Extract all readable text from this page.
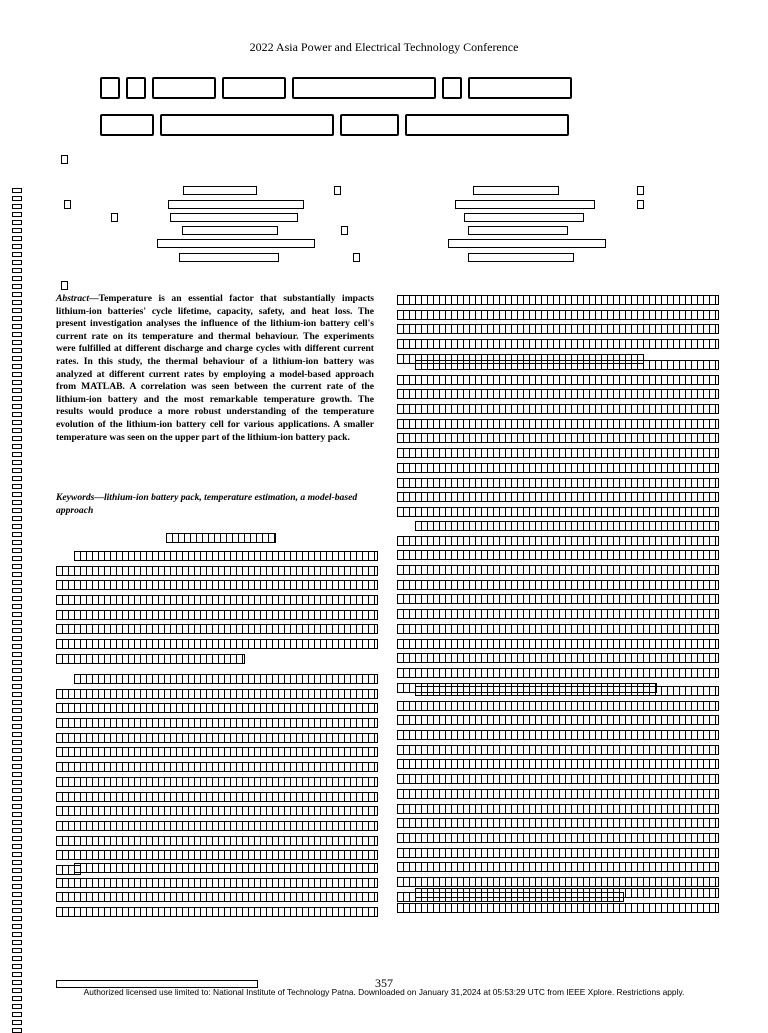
2022 Asia Power and Electrical Technology Conference
Abstract—Temperature is an essential factor that substantially impacts lithium-ion batteries' cycle lifetime, capacity, safety, and heat loss. The present investigation analyses the influence of the lithium-ion battery cell's current rate on its temperature and thermal behaviour. The experiments were fulfilled at different discharge and charge cycles with different current rates. In this study, the thermal behaviour of a lithium-ion battery was analyzed at different current rates by employing a model-based approach from MATLAB. A correlation was seen between the current rate of the lithium-ion battery and the most remarkable temperature growth. The results would produce a more robust understanding of the temperature evolution of the lithium-ion battery cell for various applications. A smaller temperature was seen on the upper part of the lithium-ion battery pack.
Keywords—lithium-ion battery pack, temperature estimation, a model-based approach
357
Authorized licensed use limited to: National Institute of Technology Patna. Downloaded on January 31,2024 at 05:53:29 UTC from IEEE Xplore. Restrictions apply.
